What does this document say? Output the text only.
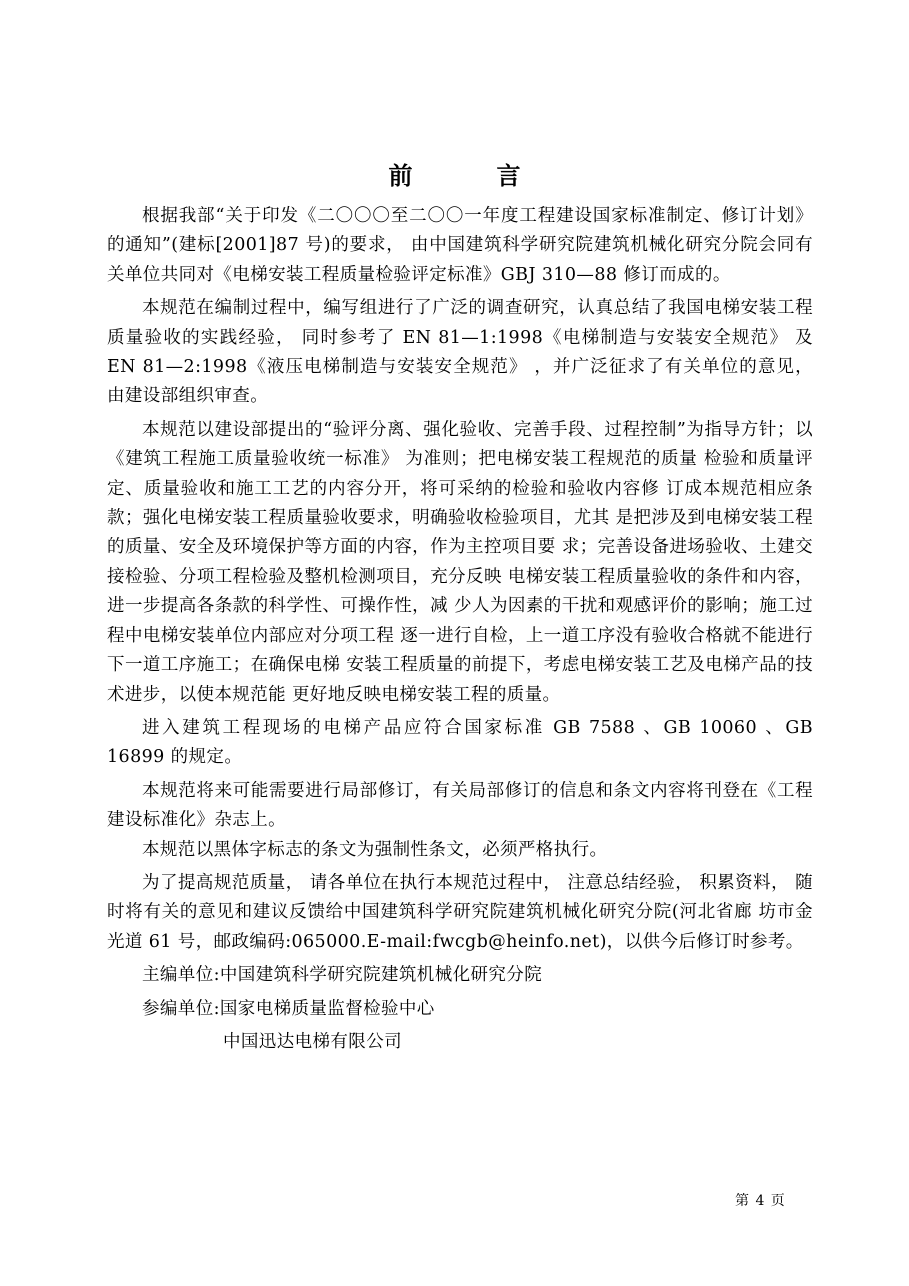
前　言

根据我部“关于印发《二〇〇〇至二〇〇一年度工程建设国家标准制定、修订计划》的通知”(建标[2001]87 号)的要求， 由中国建筑科学研究院建筑机械化研究分院会同有关单位共同对《电梯安装工程质量检验评定标准》GBJ 310—88 修订而成的。

本规范在编制过程中，编写组进行了广泛的调查研究，认真总结了我国电梯安装工程质量验收的实践经验， 同时参考了 EN 81—1:1998《电梯制造与安装安全规范》 及 EN 81—2:1998《液压电梯制造与安装安全规范》 ，并广泛征求了有关单位的意见， 由建设部组织审查。

本规范以建设部提出的“验评分离、强化验收、完善手段、过程控制”为指导方针；以《建筑工程施工质量验收统一标准》 为准则；把电梯安装工程规范的质量 检验和质量评定、质量验收和施工工艺的内容分开，将可采纳的检验和验收内容修 订成本规范相应条款；强化电梯安装工程质量验收要求，明确验收检验项目，尤其 是把涉及到电梯安装工程的质量、安全及环境保护等方面的内容，作为主控项目要 求；完善设备进场验收、土建交接检验、分项工程检验及整机检测项目，充分反映 电梯安装工程质量验收的条件和内容，进一步提高各条款的科学性、可操作性，减 少人为因素的干扰和观感评价的影响；施工过程中电梯安装单位内部应对分项工程 逐一进行自检，上一道工序没有验收合格就不能进行下一道工序施工；在确保电梯 安装工程质量的前提下，考虑电梯安装工艺及电梯产品的技术进步，以使本规范能 更好地反映电梯安装工程的质量。

进入建筑工程现场的电梯产品应符合国家标准 GB 7588 、GB 10060 、GB 16899 的规定。

本规范将来可能需要进行局部修订，有关局部修订的信息和条文内容将刊登在《工程建设标准化》杂志上。

本规范以黑体字标志的条文为强制性条文，必须严格执行。

为了提高规范质量， 请各单位在执行本规范过程中， 注意总结经验， 积累资料， 随时将有关的意见和建议反馈给中国建筑科学研究院建筑机械化研究分院(河北省廊 坊市金光道 61 号，邮政编码:065000.E-mail:fwcgb@heinfo.net)，以供今后修订时参考。

主编单位:中国建筑科学研究院建筑机械化研究分院
参编单位:国家电梯质量监督检验中心
中国迅达电梯有限公司
第 4 页
